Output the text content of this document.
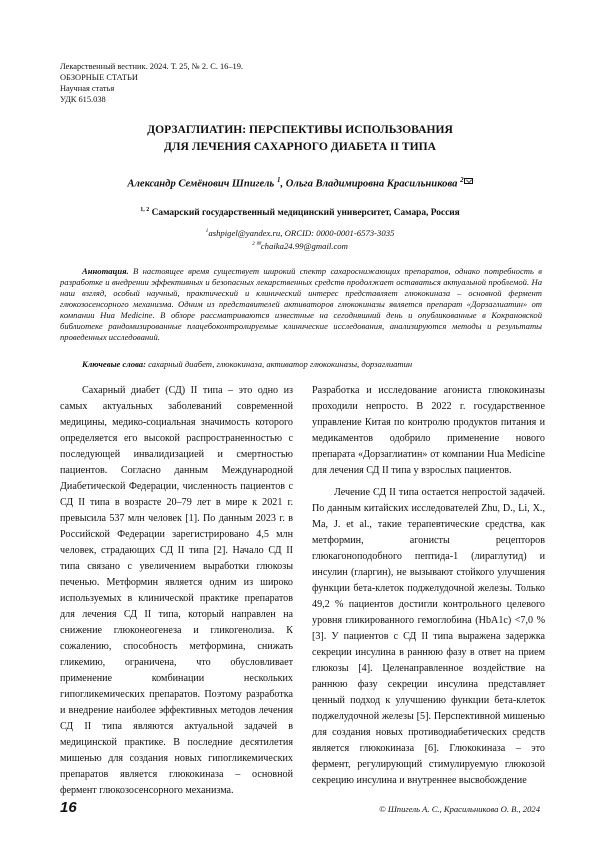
Лекарственный вестник. 2024. Т. 25, № 2. С. 16–19.
ОБЗОРНЫЕ СТАТЬИ
Научная статья
УДК 615.038
ДОРЗАГЛИАТИН: ПЕРСПЕКТИВЫ ИСПОЛЬЗОВАНИЯ
ДЛЯ ЛЕЧЕНИЯ САХАРНОГО ДИАБЕТА II ТИПА
Александр Семёнович Шпигель $^1$, Ольга Владимировна Красильникова $^2$
$^{1, 2}$ Самарский государственный медицинский университет, Самара, Россия
$^1$ashpigel@yandex.ru, ORCID: 0000-0001-6573-3035
$^{2 ✉}$chaika24.99@gmail.com
Аннотация. В настоящее время существует широкий спектр сахароснижающих препаратов, однако потребность в разработке и внедрении эффективных и безопасных лекарственных средств продолжает оставаться актуальной проблемой. На наш взгляд, особый научный, практический и клинический интерес представляет глюкокиназа – основной фермент глюкозосенсорного механизма. Одним из представителей активаторов глюкокиназы является препарат «Дорзаглиатин» от компании Hua Medicine. В обзоре рассматриваются известные на сегодняшний день и опубликованные в Кокрановской библиотеке рандомизированные плацебоконтролируемые клинические исследования, анализируются методы и результаты проведенных исследований.
Ключевые слова: сахарный диабет, глюкокиназа, активатор глюкокиназы, дорзаглиатин

Сахарный диабет (СД) II типа – это одно из самых актуальных заболеваний современной медицины, медико-социальная значимость которого определяется его высокой распространенностью с последующей инвалидизацией и смертностью пациентов. Согласно данным Международной Диабетической Федерации, численность пациентов с СД II типа в возрасте 20–79 лет в мире к 2021 г. превысила 537 млн человек [1]. По данным 2023 г. в Российской Федерации зарегистрировано 4,5 млн человек, страдающих СД II типа [2]. Начало СД II типа связано с увеличением выработки глюкозы печенью. Метформин является одним из широко используемых в клинической практике препаратов для лечения СД II типа, который направлен на снижение глюконеогенеза и гликогенолиза. К сожалению, способность метформина, снижать гликемию, ограничена, что обусловливает применение комбинации нескольких гипогликемических препаратов. Поэтому разработка и внедрение наиболее эффективных методов лечения СД II типа являются актуальной задачей в медицинской практике. В последние десятилетия мишенью для создания новых гипогликемических препаратов является глюкокиназа – основной фермент глюкозосенсорного механизма.

Разработка и исследование агониста глюкокиназы проходили непросто. В 2022 г. государственное управление Китая по контролю продуктов питания и медикаментов одобрило применение нового препарата «Дорзаглиатин» от компании Hua Medicine для лечения СД II типа у взрослых пациентов.

Лечение СД II типа остается непростой задачей. По данным китайских исследователей Zhu, D., Li, X., Ma, J. et al., такие терапевтические средства, как метформин, агонисты рецепторов глюкагоноподобного пептида-1 (лираглутид) и инсулин (гларгин), не вызывают стойкого улучшения функции бета-клеток поджелудочной железы. Только 49,2 % пациентов достигли контрольного целевого уровня гликированного гемоглобина (HbA1c) <7,0 % [3]. У пациентов с СД II типа выражена задержка секреции инсулина в раннюю фазу в ответ на прием глюкозы [4]. Целенаправленное воздействие на раннюю фазу секреции инсулина представляет ценный подход к улучшению функции бета-клеток поджелудочной железы [5]. Перспективной мишенью для создания новых противодиабетических средств является глюкокиназа [6]. Глюкокиназа – это фермент, регулирующий стимулируемую глюкозой секрецию инсулина и внутреннее высвобождение

16	© Шпигель А. С., Красильникова О. В., 2024
